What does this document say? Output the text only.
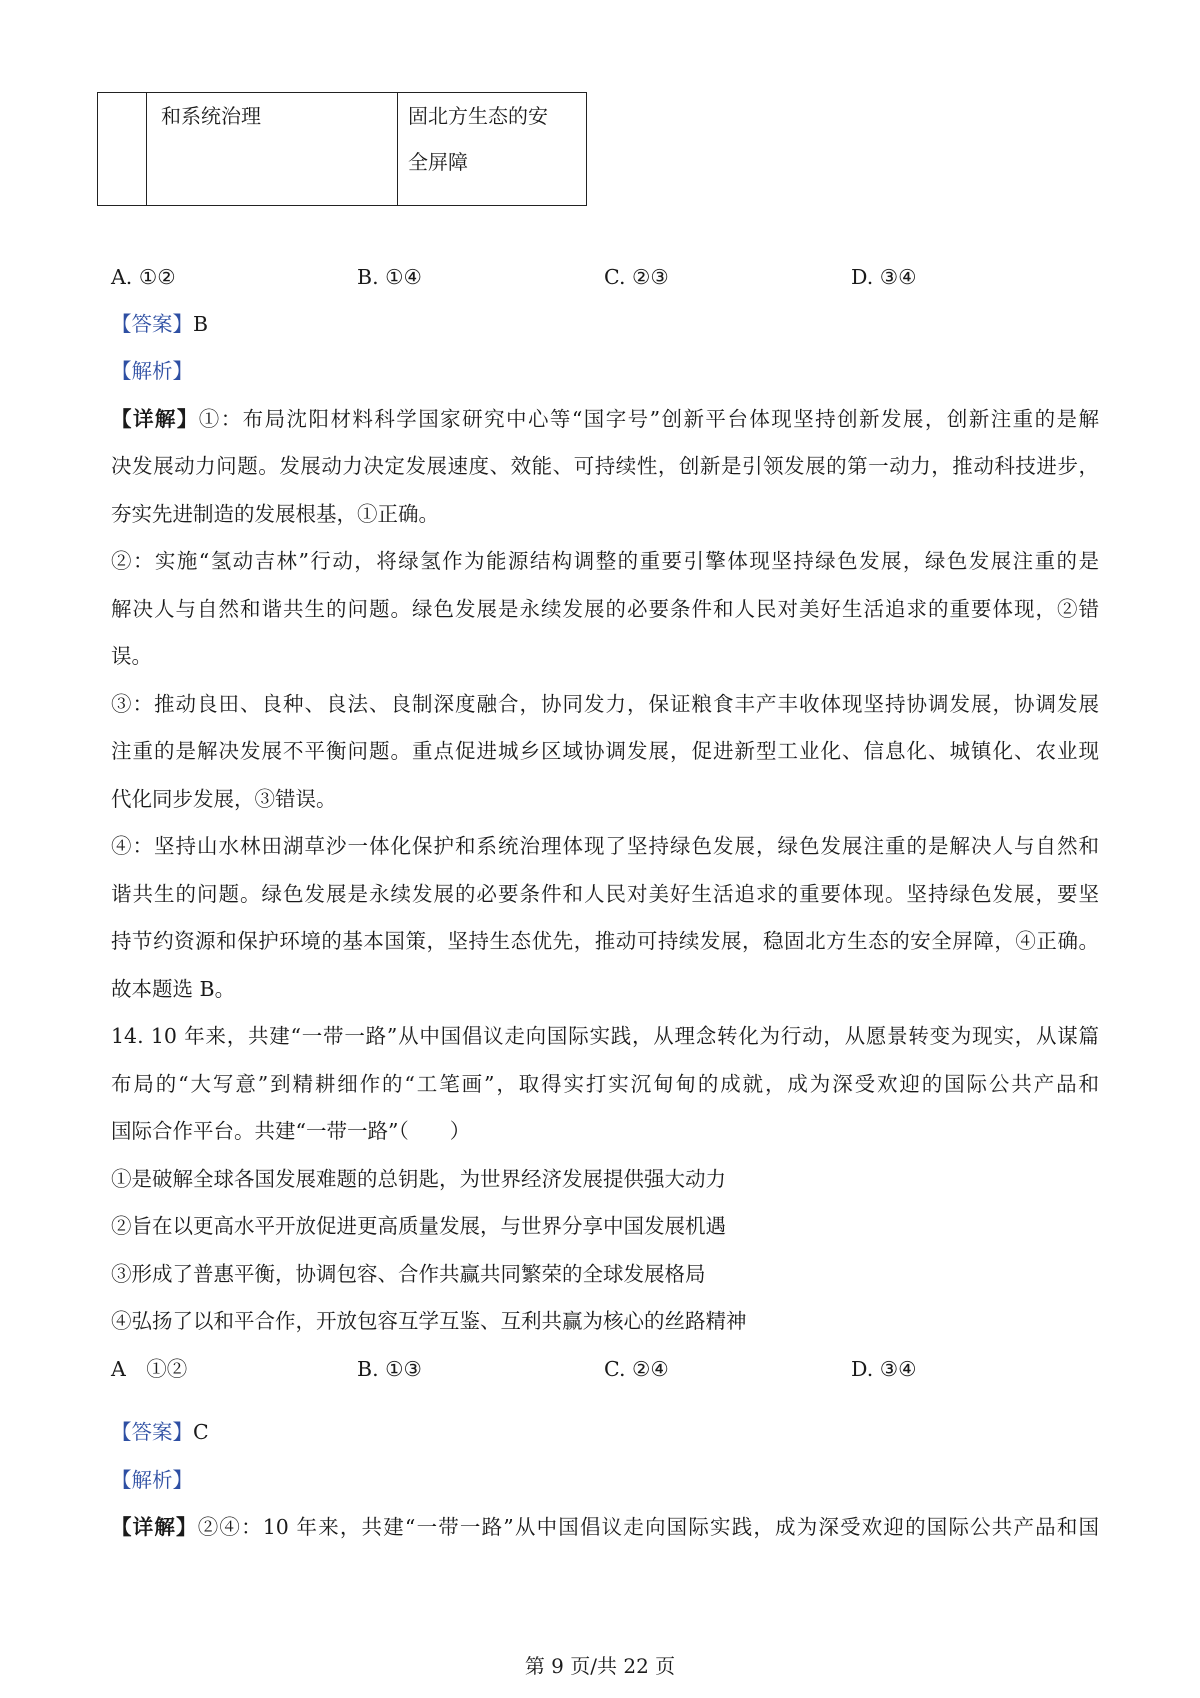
和系统治理	固北方生态的安
全屏障
A. ①②	B. ①④	C. ②③	D. ③④
【答案】B
【解析】
【详解】①：布局沈阳材料科学国家研究中心等“国字号”创新平台体现坚持创新发展，创新注重的是解
决发展动力问题。发展动力决定发展速度、效能、可持续性，创新是引领发展的第一动力，推动科技进步，
夯实先进制造的发展根基，①正确。
②：实施“氢动吉林”行动，将绿氢作为能源结构调整的重要引擎体现坚持绿色发展，绿色发展注重的是
解决人与自然和谐共生的问题。绿色发展是永续发展的必要条件和人民对美好生活追求的重要体现，②错
误。
③：推动良田、良种、良法、良制深度融合，协同发力，保证粮食丰产丰收体现坚持协调发展，协调发展
注重的是解决发展不平衡问题。重点促进城乡区域协调发展，促进新型工业化、信息化、城镇化、农业现
代化同步发展，③错误。
④：坚持山水林田湖草沙一体化保护和系统治理体现了坚持绿色发展，绿色发展注重的是解决人与自然和
谐共生的问题。绿色发展是永续发展的必要条件和人民对美好生活追求的重要体现。坚持绿色发展，要坚
持节约资源和保护环境的基本国策，坚持生态优先，推动可持续发展，稳固北方生态的安全屏障，④正确。
故本题选 B。
14. 10 年来，共建“一带一路”从中国倡议走向国际实践，从理念转化为行动，从愿景转变为现实，从谋篇
布局的“大写意”到精耕细作的“工笔画”，取得实打实沉甸甸的成就，成为深受欢迎的国际公共产品和
国际合作平台。共建“一带一路”（　　）
①是破解全球各国发展难题的总钥匙，为世界经济发展提供强大动力
②旨在以更高水平开放促进更高质量发展，与世界分享中国发展机遇
③形成了普惠平衡，协调包容、合作共赢共同繁荣的全球发展格局
④弘扬了以和平合作，开放包容互学互鉴、互利共赢为核心的丝路精神
A　①②	B. ①③	C. ②④	D. ③④
【答案】C
【解析】
【详解】②④：10 年来，共建“一带一路”从中国倡议走向国际实践，成为深受欢迎的国际公共产品和国
第 9 页/共 22 页
